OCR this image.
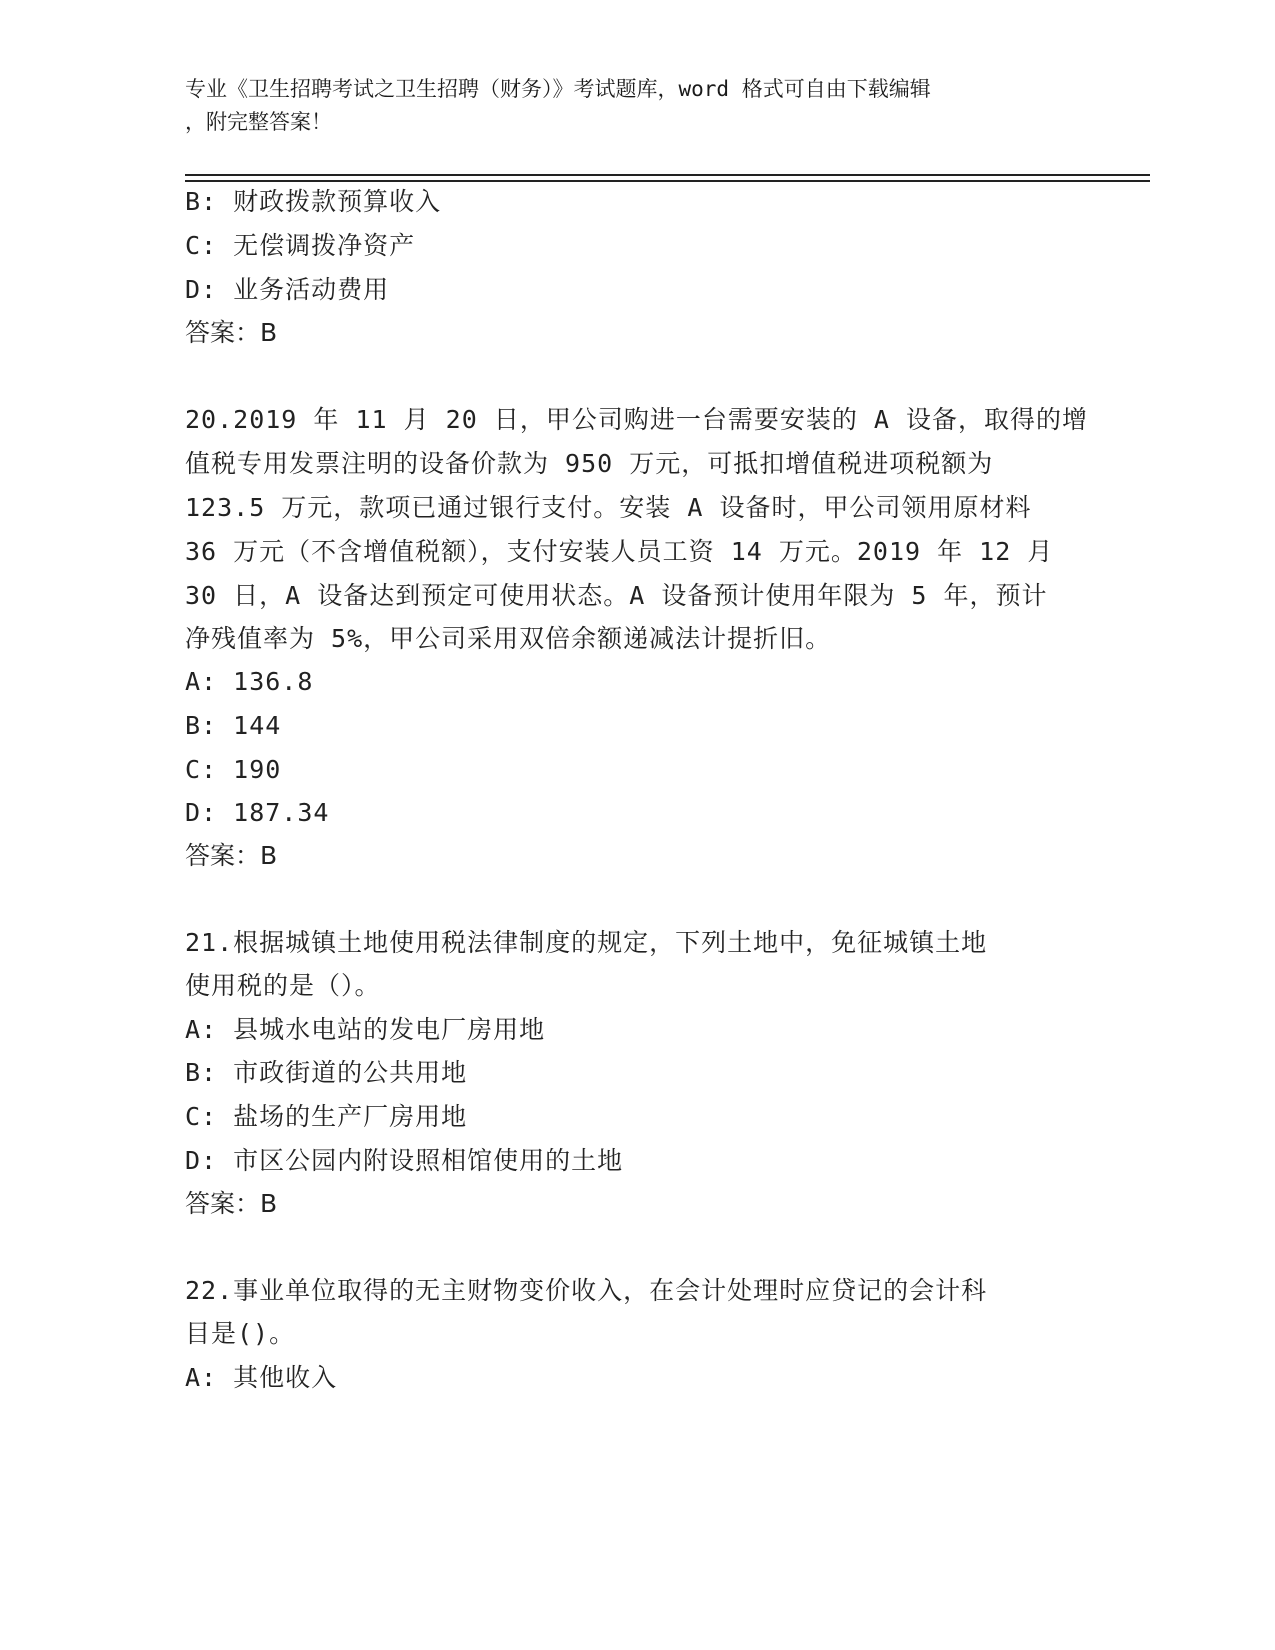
专业《卫生招聘考试之卫生招聘（财务）》考试题库，word 格式可自由下载编辑
，附完整答案！
B: 财政拨款预算收入
C: 无偿调拨净资产
D: 业务活动费用
答案：B
20.2019 年 11 月 20 日，甲公司购进一台需要安装的 A 设备，取得的增
值税专用发票注明的设备价款为 950 万元，可抵扣增值税进项税额为
123.5 万元，款项已通过银行支付。安装 A 设备时，甲公司领用原材料
36 万元（不含增值税额），支付安装人员工资 14 万元。2019 年 12 月
30 日，A 设备达到预定可使用状态。A 设备预计使用年限为 5 年，预计
净残值率为 5%，甲公司采用双倍余额递减法计提折旧。
A: 136.8
B: 144
C: 190
D: 187.34
答案：B
21.根据城镇土地使用税法律制度的规定，下列土地中，免征城镇土地
使用税的是（）。
A: 县城水电站的发电厂房用地
B: 市政街道的公共用地
C: 盐场的生产厂房用地
D: 市区公园内附设照相馆使用的土地
答案：B
22.事业单位取得的无主财物变价收入，在会计处理时应贷记的会计科
目是()。
A: 其他收入
